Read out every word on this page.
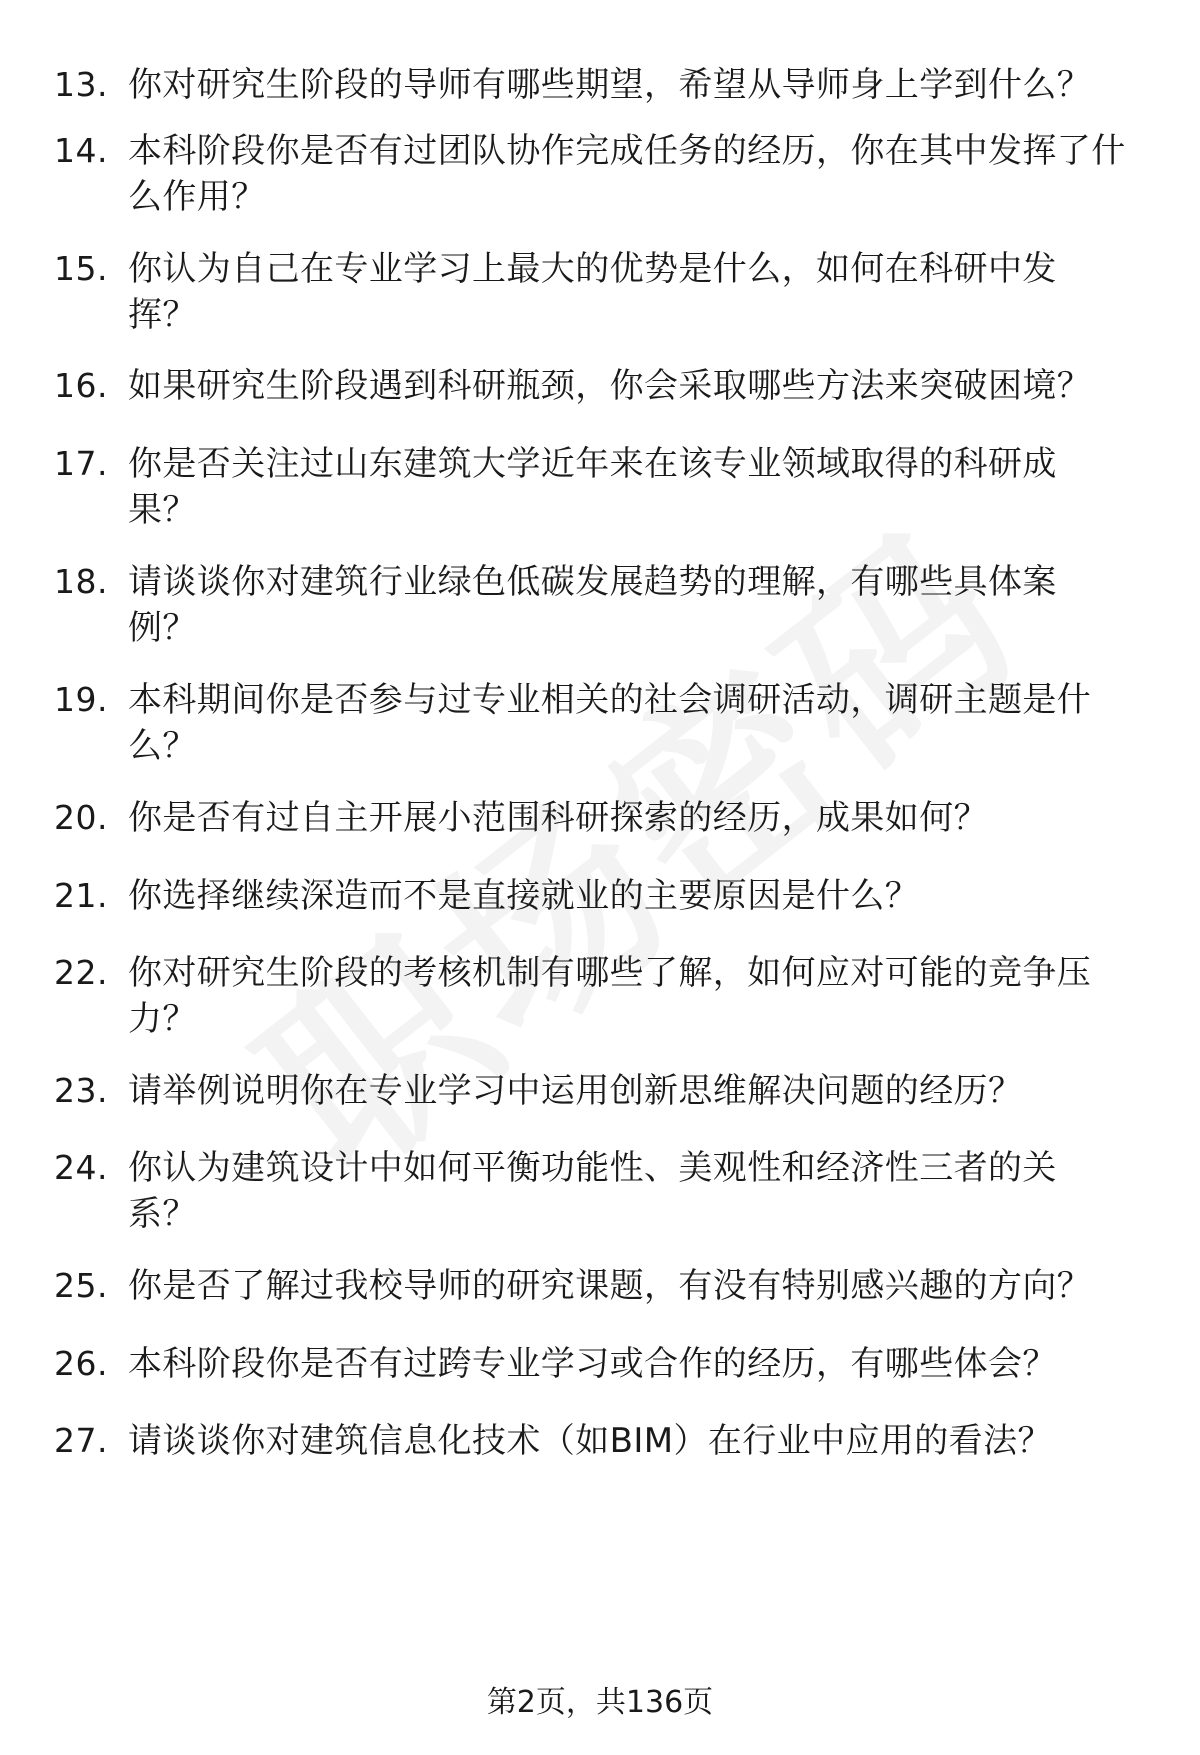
13. 你对研究生阶段的导师有哪些期望，希望从导师身上学到什么？
14. 本科阶段你是否有过团队协作完成任务的经历，你在其中发挥了什么作用？
15. 你认为自己在专业学习上最大的优势是什么，如何在科研中发挥？
16. 如果研究生阶段遇到科研瓶颈，你会采取哪些方法来突破困境？
17. 你是否关注过山东建筑大学近年来在该专业领域取得的科研成果？
18. 请谈谈你对建筑行业绿色低碳发展趋势的理解，有哪些具体案例？
19. 本科期间你是否参与过专业相关的社会调研活动，调研主题是什么？
20. 你是否有过自主开展小范围科研探索的经历，成果如何？
21. 你选择继续深造而不是直接就业的主要原因是什么？
22. 你对研究生阶段的考核机制有哪些了解，如何应对可能的竞争压力？
23. 请举例说明你在专业学习中运用创新思维解决问题的经历？
24. 你认为建筑设计中如何平衡功能性、美观性和经济性三者的关系？
25. 你是否了解过我校导师的研究课题，有没有特别感兴趣的方向？
26. 本科阶段你是否有过跨专业学习或合作的经历，有哪些体会？
27. 请谈谈你对建筑信息化技术（如BIM）在行业中应用的看法？
第2页，共136页
